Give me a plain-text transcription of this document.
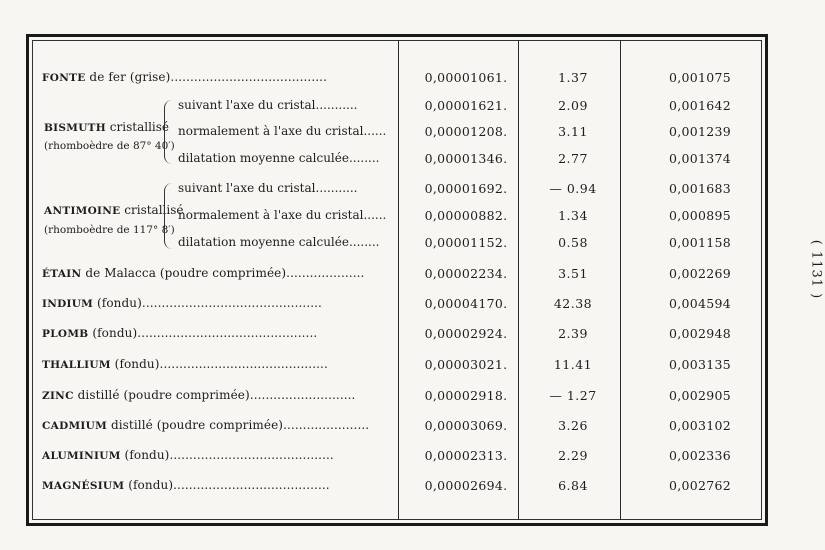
FONTE de fer (grise)........................................	0,00001061.	1.37	0,001075
BISMUTH cristallisé
(rhomboèdre de 87° 40′)
suivant l'axe du cristal...........	0,00001621.	2.09	0,001642
normalement à l'axe du cristal......	0,00001208.	3.11	0,001239
dilatation moyenne calculée........	0,00001346.	2.77	0,001374
ANTIMOINE cristallisé
(rhomboèdre de 117° 8′)
suivant l'axe du cristal...........	0,00001692.	— 0.94	0,001683
normalement à l'axe du cristal......	0,00000882.	1.34	0,000895
dilatation moyenne calculée........	0,00001152.	0.58	0,001158
ÉTAIN de Malacca (poudre comprimée)....................	0,00002234.	3.51	0,002269
INDIUM (fondu)..............................................	0,00004170.	42.38	0,004594
PLOMB (fondu)..............................................	0,00002924.	2.39	0,002948
THALLIUM (fondu)...........................................	0,00003021.	11.41	0,003135
ZINC distillé (poudre comprimée)...........................	0,00002918.	— 1.27	0,002905
CADMIUM distillé (poudre comprimée)......................	0,00003069.	3.26	0,003102
ALUMINIUM (fondu)..........................................	0,00002313.	2.29	0,002336
MAGNÉSIUM (fondu)........................................	0,00002694.	6.84	0,002762
( 1131 )
